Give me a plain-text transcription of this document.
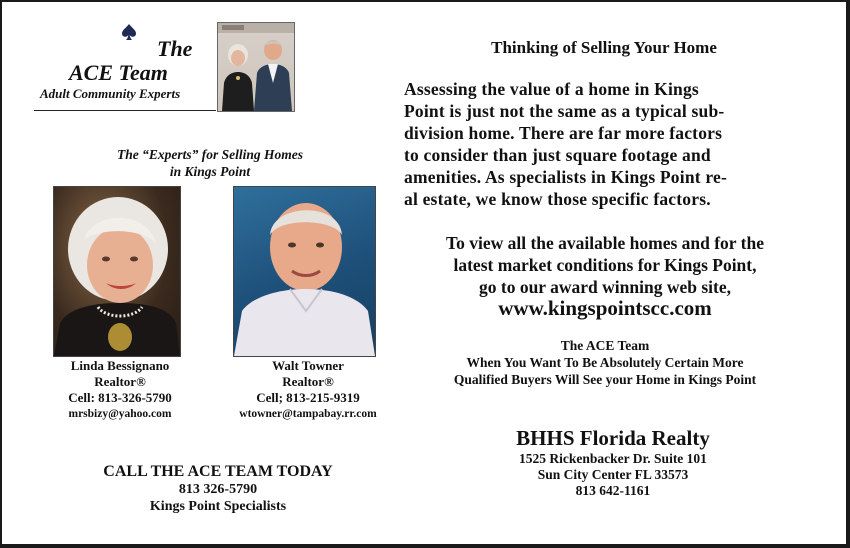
The
ACE Team
Adult Community Experts
The “Experts” for Selling Homes
in Kings Point
Linda Bessignano
Realtor®
Cell: 813-326-5790
mrsbizy@yahoo.com
Walt Towner
Realtor®
Cell; 813-215-9319
wtowner@tampabay.rr.com
CALL THE ACE TEAM TODAY
813 326-5790
Kings Point Specialists
Thinking of Selling Your Home
Assessing the value of a home in Kings
Point is just not the same as a typical sub-
division home. There are far more factors
to consider than just square footage and
amenities. As specialists in Kings Point re-
al estate, we know those specific factors.
To view all the available homes and for the
latest market conditions for Kings Point,
go to our award winning web site,
www.kingspointscc.com
The ACE Team
When You Want To Be Absolutely Certain More
Qualified Buyers Will See your Home in Kings Point
BHHS Florida Realty
1525 Rickenbacker Dr. Suite 101
Sun City Center FL 33573
813 642-1161
